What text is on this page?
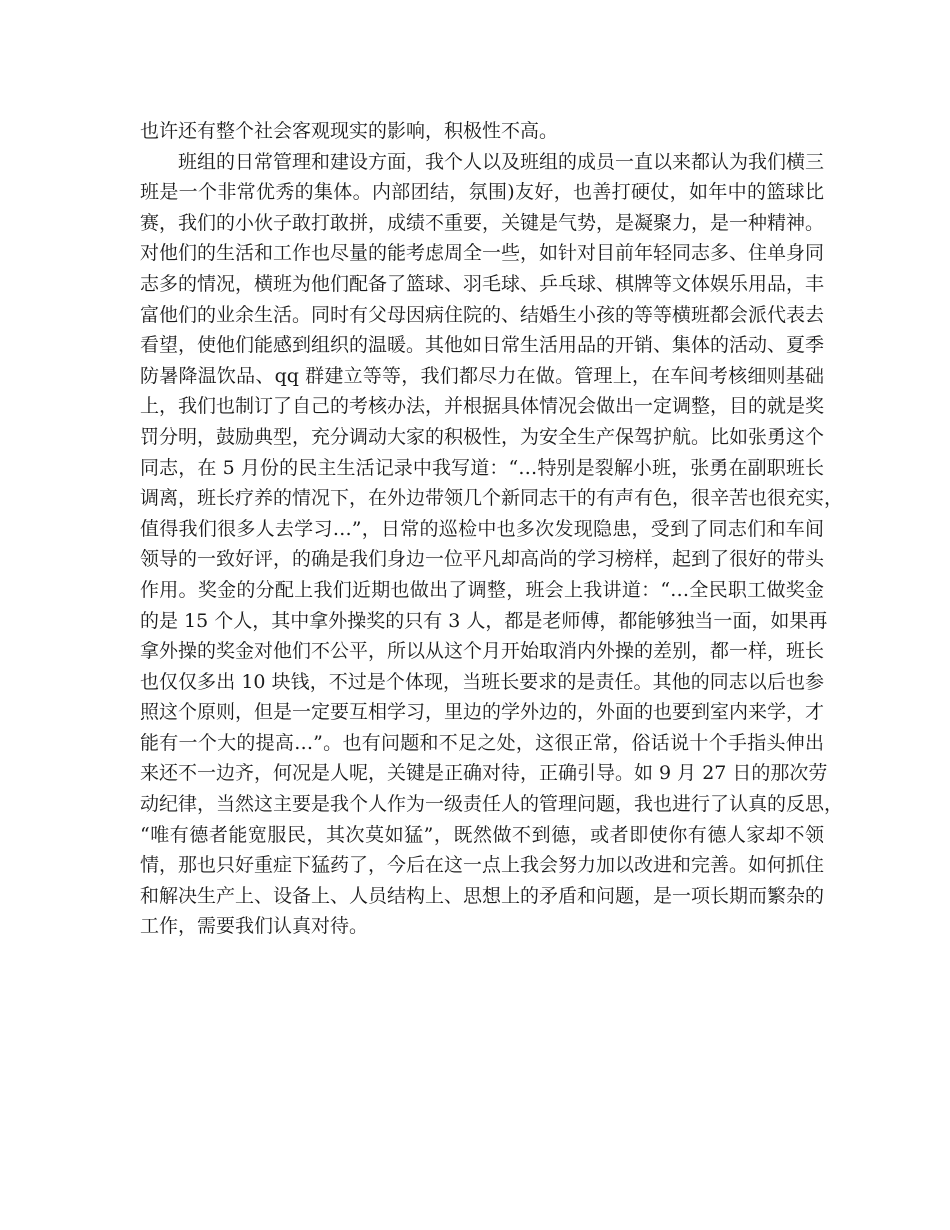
也许还有整个社会客观现实的影响，积极性不高。
班组的日常管理和建设方面，我个人以及班组的成员一直以来都认为我们横三
班是一个非常优秀的集体。内部团结，氛围)友好，也善打硬仗，如年中的篮球比
赛，我们的小伙子敢打敢拼，成绩不重要，关键是气势，是凝聚力，是一种精神。
对他们的生活和工作也尽量的能考虑周全一些，如针对目前年轻同志多、住单身同
志多的情况，横班为他们配备了篮球、羽毛球、乒乓球、棋牌等文体娱乐用品，丰
富他们的业余生活。同时有父母因病住院的、结婚生小孩的等等横班都会派代表去
看望，使他们能感到组织的温暖。其他如日常生活用品的开销、集体的活动、夏季
防暑降温饮品、qq 群建立等等，我们都尽力在做。管理上，在车间考核细则基础
上，我们也制订了自己的考核办法，并根据具体情况会做出一定调整，目的就是奖
罚分明，鼓励典型，充分调动大家的积极性，为安全生产保驾护航。比如张勇这个
同志，在 5 月份的民主生活记录中我写道：“…特别是裂解小班，张勇在副职班长
调离，班长疗养的情况下，在外边带领几个新同志干的有声有色，很辛苦也很充实，
值得我们很多人去学习…”，日常的巡检中也多次发现隐患，受到了同志们和车间
领导的一致好评，的确是我们身边一位平凡却高尚的学习榜样，起到了很好的带头
作用。奖金的分配上我们近期也做出了调整，班会上我讲道：“…全民职工做奖金
的是 15 个人，其中拿外操奖的只有 3 人，都是老师傅，都能够独当一面，如果再
拿外操的奖金对他们不公平，所以从这个月开始取消内外操的差别，都一样，班长
也仅仅多出 10 块钱，不过是个体现，当班长要求的是责任。其他的同志以后也参
照这个原则，但是一定要互相学习，里边的学外边的，外面的也要到室内来学，才
能有一个大的提高…”。也有问题和不足之处，这很正常，俗话说十个手指头伸出
来还不一边齐，何况是人呢，关键是正确对待，正确引导。如 9 月 27 日的那次劳
动纪律，当然这主要是我个人作为一级责任人的管理问题，我也进行了认真的反思，
“唯有德者能宽服民，其次莫如猛”，既然做不到德，或者即使你有德人家却不领
情，那也只好重症下猛药了，今后在这一点上我会努力加以改进和完善。如何抓住
和解决生产上、设备上、人员结构上、思想上的矛盾和问题，是一项长期而繁杂的
工作，需要我们认真对待。
